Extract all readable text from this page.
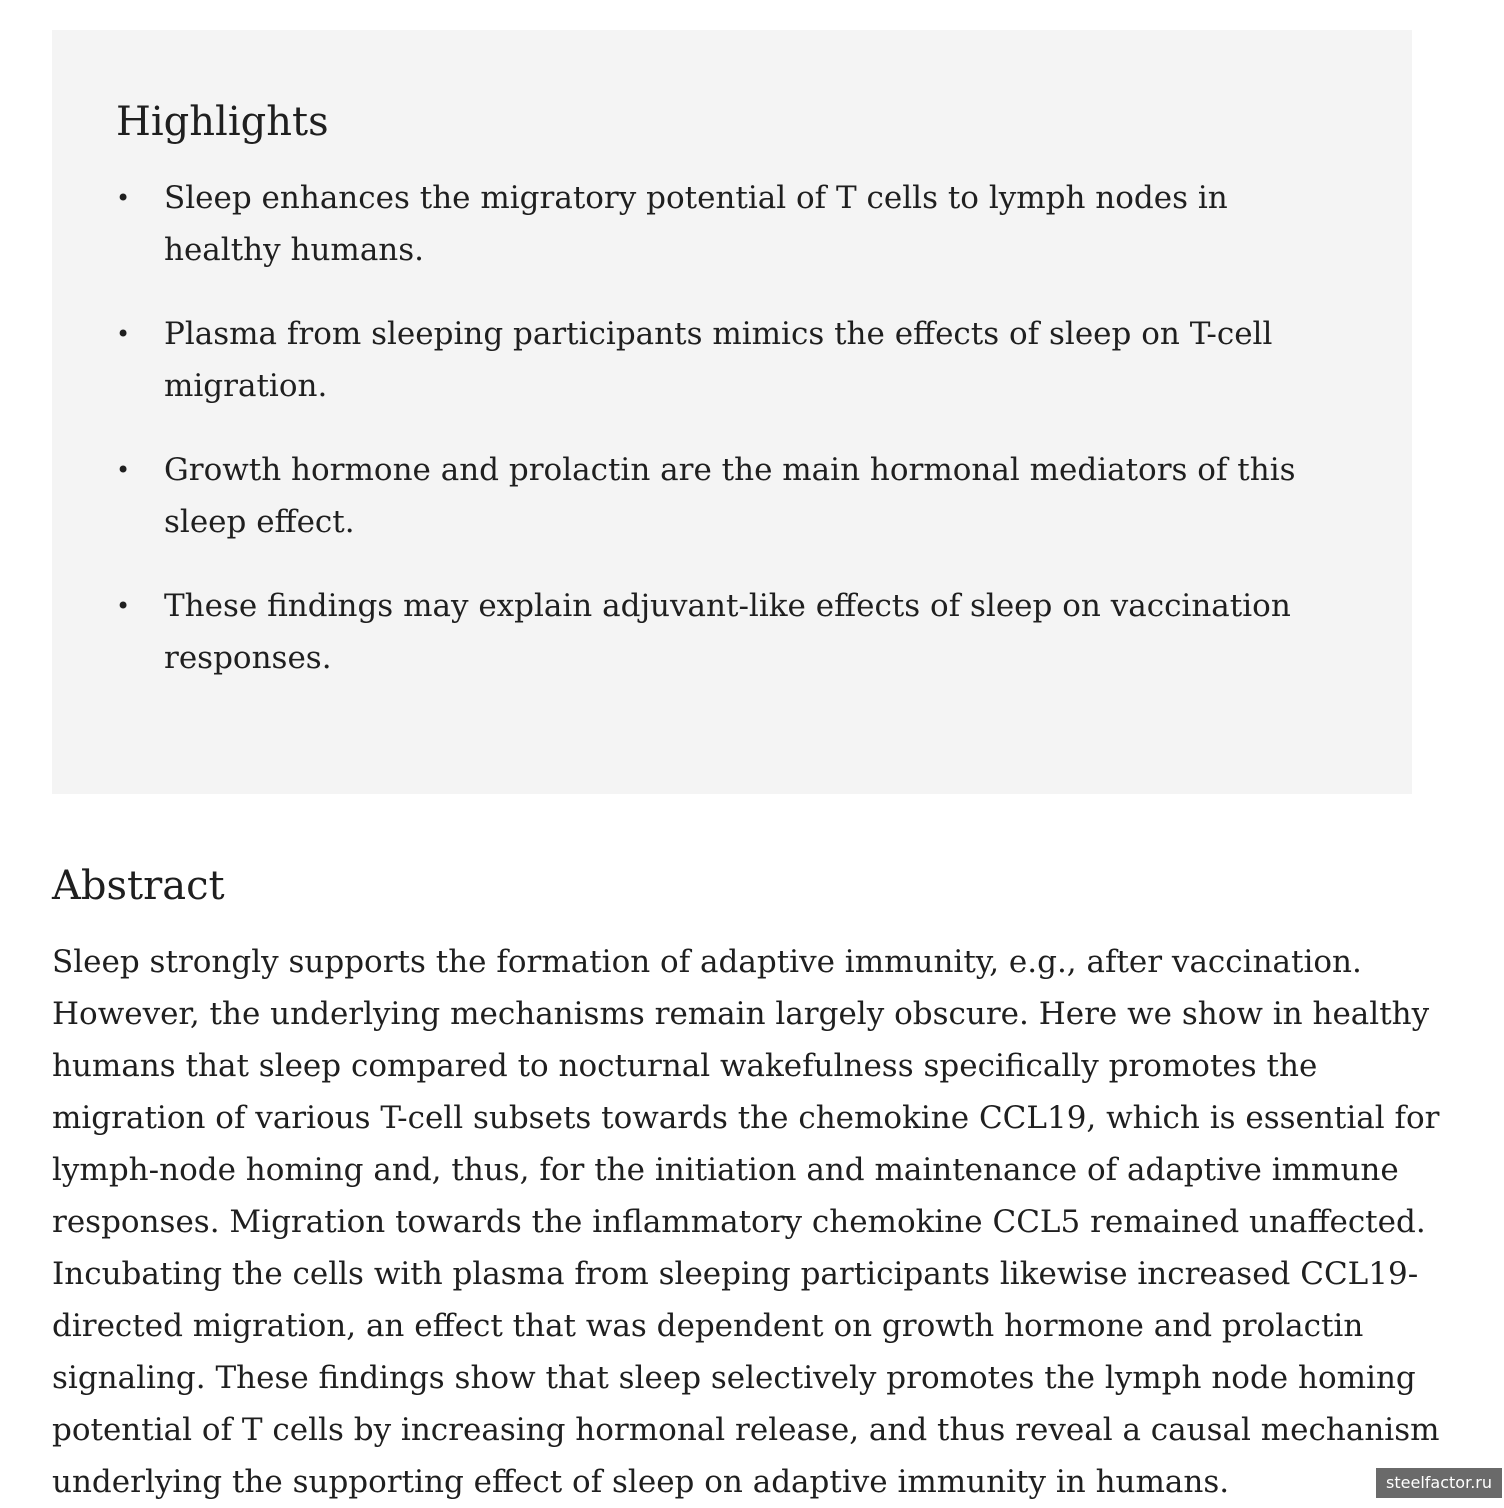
Highlights
• Sleep enhances the migratory potential of T cells to lymph nodes in healthy humans.
• Plasma from sleeping participants mimics the effects of sleep on T-cell migration.
• Growth hormone and prolactin are the main hormonal mediators of this sleep effect.
• These findings may explain adjuvant-like effects of sleep on vaccination responses.
Abstract

Sleep strongly supports the formation of adaptive immunity, e.g., after vaccination. However, the underlying mechanisms remain largely obscure. Here we show in healthy humans that sleep compared to nocturnal wakefulness specifically promotes the migration of various T-cell subsets towards the chemokine CCL19, which is essential for lymph-node homing and, thus, for the initiation and maintenance of adaptive immune responses. Migration towards the inflammatory chemokine CCL5 remained unaffected. Incubating the cells with plasma from sleeping participants likewise increased CCL19-directed migration, an effect that was dependent on growth hormone and prolactin signaling. These findings show that sleep selectively promotes the lymph node homing potential of T cells by increasing hormonal release, and thus reveal a causal mechanism underlying the supporting effect of sleep on adaptive immunity in humans.	steelfactor.ru
